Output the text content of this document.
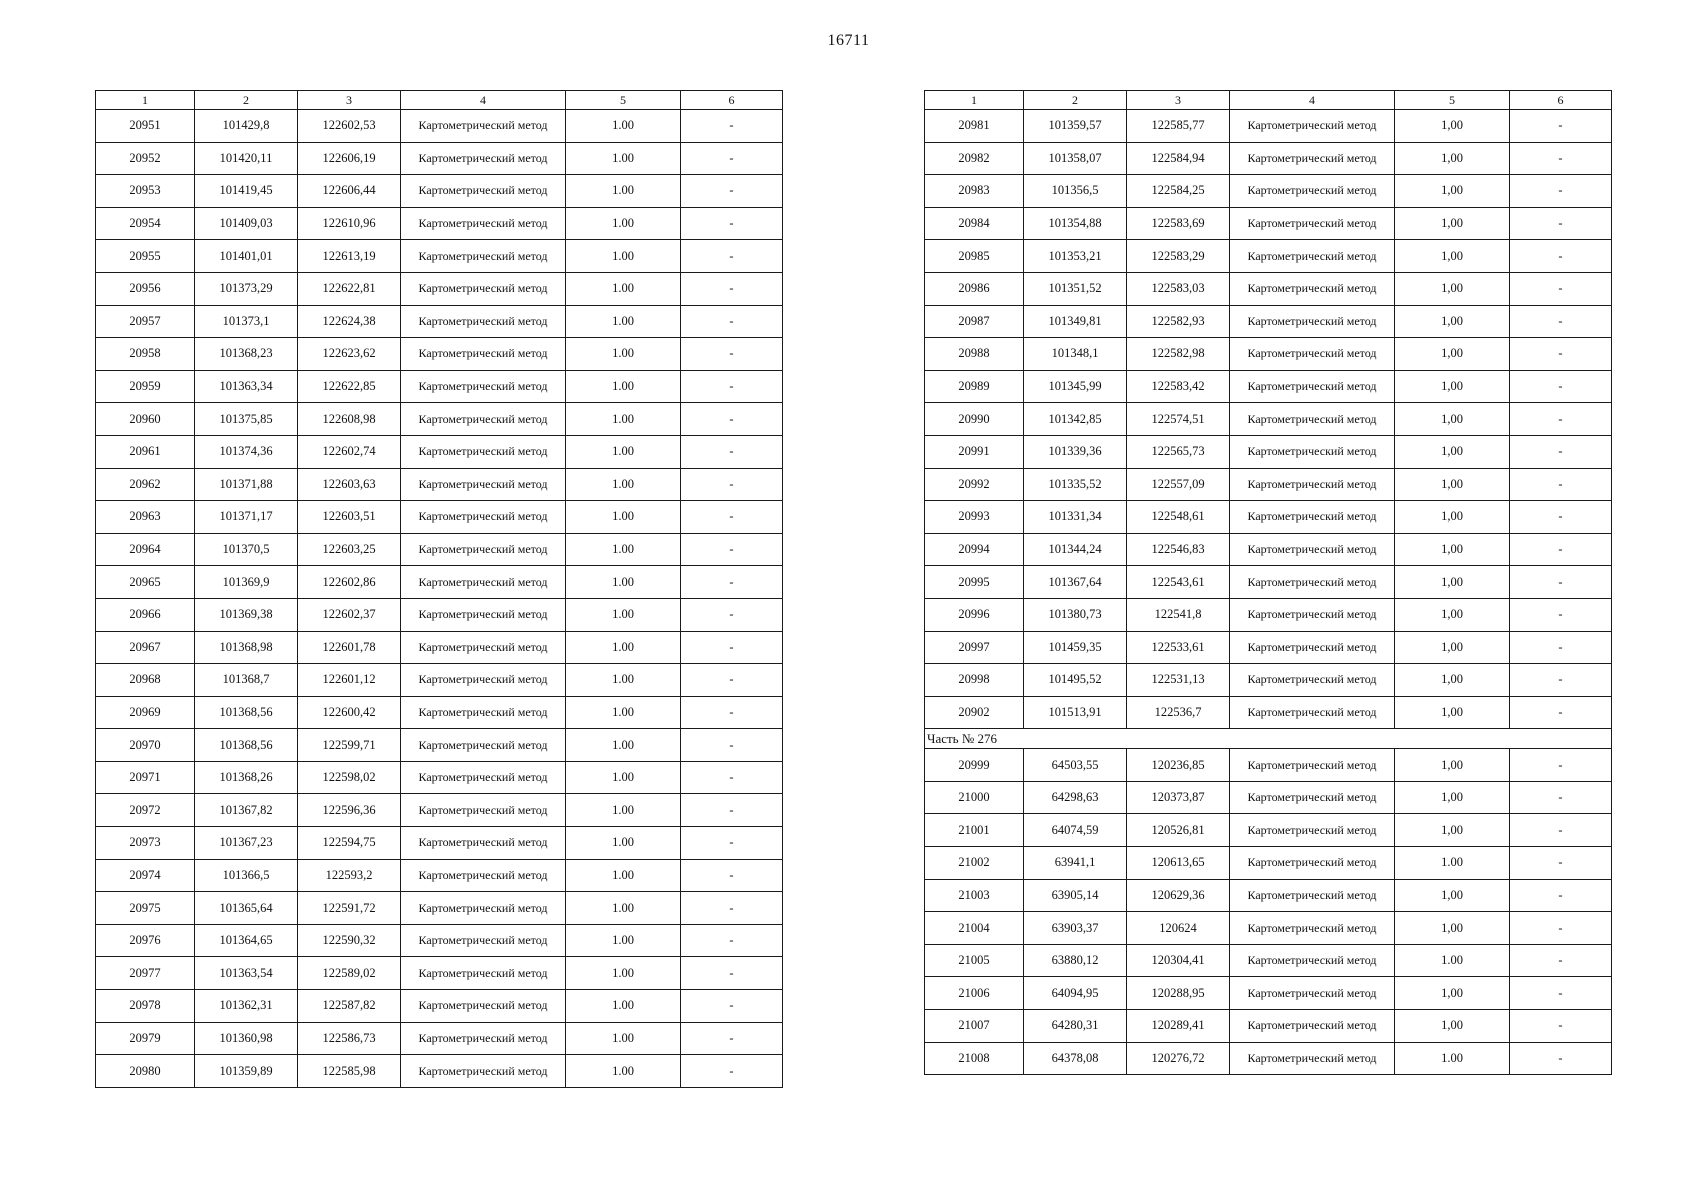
16711
1	2	3	4	5	6
20951	101429,8	122602,53	Картометрический метод	1.00	-
20952	101420,11	122606,19	Картометрический метод	1.00	-
20953	101419,45	122606,44	Картометрический метод	1.00	-
20954	101409,03	122610,96	Картометрический метод	1.00	-
20955	101401,01	122613,19	Картометрический метод	1.00	-
20956	101373,29	122622,81	Картометрический метод	1.00	-
20957	101373,1	122624,38	Картометрический метод	1.00	-
20958	101368,23	122623,62	Картометрический метод	1.00	-
20959	101363,34	122622,85	Картометрический метод	1.00	-
20960	101375,85	122608,98	Картометрический метод	1.00	-
20961	101374,36	122602,74	Картометрический метод	1.00	-
20962	101371,88	122603,63	Картометрический метод	1.00	-
20963	101371,17	122603,51	Картометрический метод	1.00	-
20964	101370,5	122603,25	Картометрический метод	1.00	-
20965	101369,9	122602,86	Картометрический метод	1.00	-
20966	101369,38	122602,37	Картометрический метод	1.00	-
20967	101368,98	122601,78	Картометрический метод	1.00	-
20968	101368,7	122601,12	Картометрический метод	1.00	-
20969	101368,56	122600,42	Картометрический метод	1.00	-
20970	101368,56	122599,71	Картометрический метод	1.00	-
20971	101368,26	122598,02	Картометрический метод	1.00	-
20972	101367,82	122596,36	Картометрический метод	1.00	-
20973	101367,23	122594,75	Картометрический метод	1.00	-
20974	101366,5	122593,2	Картометрический метод	1.00	-
20975	101365,64	122591,72	Картометрический метод	1.00	-
20976	101364,65	122590,32	Картометрический метод	1.00	-
20977	101363,54	122589,02	Картометрический метод	1.00	-
20978	101362,31	122587,82	Картометрический метод	1.00	-
20979	101360,98	122586,73	Картометрический метод	1.00	-
20980	101359,89	122585,98	Картометрический метод	1.00	-
1	2	3	4	5	6
20981	101359,57	122585,77	Картометрический метод	1,00	-
20982	101358,07	122584,94	Картометрический метод	1,00	-
20983	101356,5	122584,25	Картометрический метод	1,00	-
20984	101354,88	122583,69	Картометрический метод	1,00	-
20985	101353,21	122583,29	Картометрический метод	1,00	-
20986	101351,52	122583,03	Картометрический метод	1,00	-
20987	101349,81	122582,93	Картометрический метод	1,00	-
20988	101348,1	122582,98	Картометрический метод	1,00	-
20989	101345,99	122583,42	Картометрический метод	1,00	-
20990	101342,85	122574,51	Картометрический метод	1,00	-
20991	101339,36	122565,73	Картометрический метод	1,00	-
20992	101335,52	122557,09	Картометрический метод	1,00	-
20993	101331,34	122548,61	Картометрический метод	1,00	-
20994	101344,24	122546,83	Картометрический метод	1,00	-
20995	101367,64	122543,61	Картометрический метод	1,00	-
20996	101380,73	122541,8	Картометрический метод	1,00	-
20997	101459,35	122533,61	Картометрический метод	1,00	-
20998	101495,52	122531,13	Картометрический метод	1,00	-
20902	101513,91	122536,7	Картометрический метод	1,00	-
Часть № 276					
20999	64503,55	120236,85	Картометрический метод	1,00	-
21000	64298,63	120373,87	Картометрический метод	1,00	-
21001	64074,59	120526,81	Картометрический метод	1,00	-
21002	63941,1	120613,65	Картометрический метод	1.00	-
21003	63905,14	120629,36	Картометрический метод	1,00	-
21004	63903,37	120624	Картометрический метод	1,00	-
21005	63880,12	120304,41	Картометрический метод	1.00	-
21006	64094,95	120288,95	Картометрический метод	1,00	-
21007	64280,31	120289,41	Картометрический метод	1,00	-
21008	64378,08	120276,72	Картометрический метод	1.00	-
